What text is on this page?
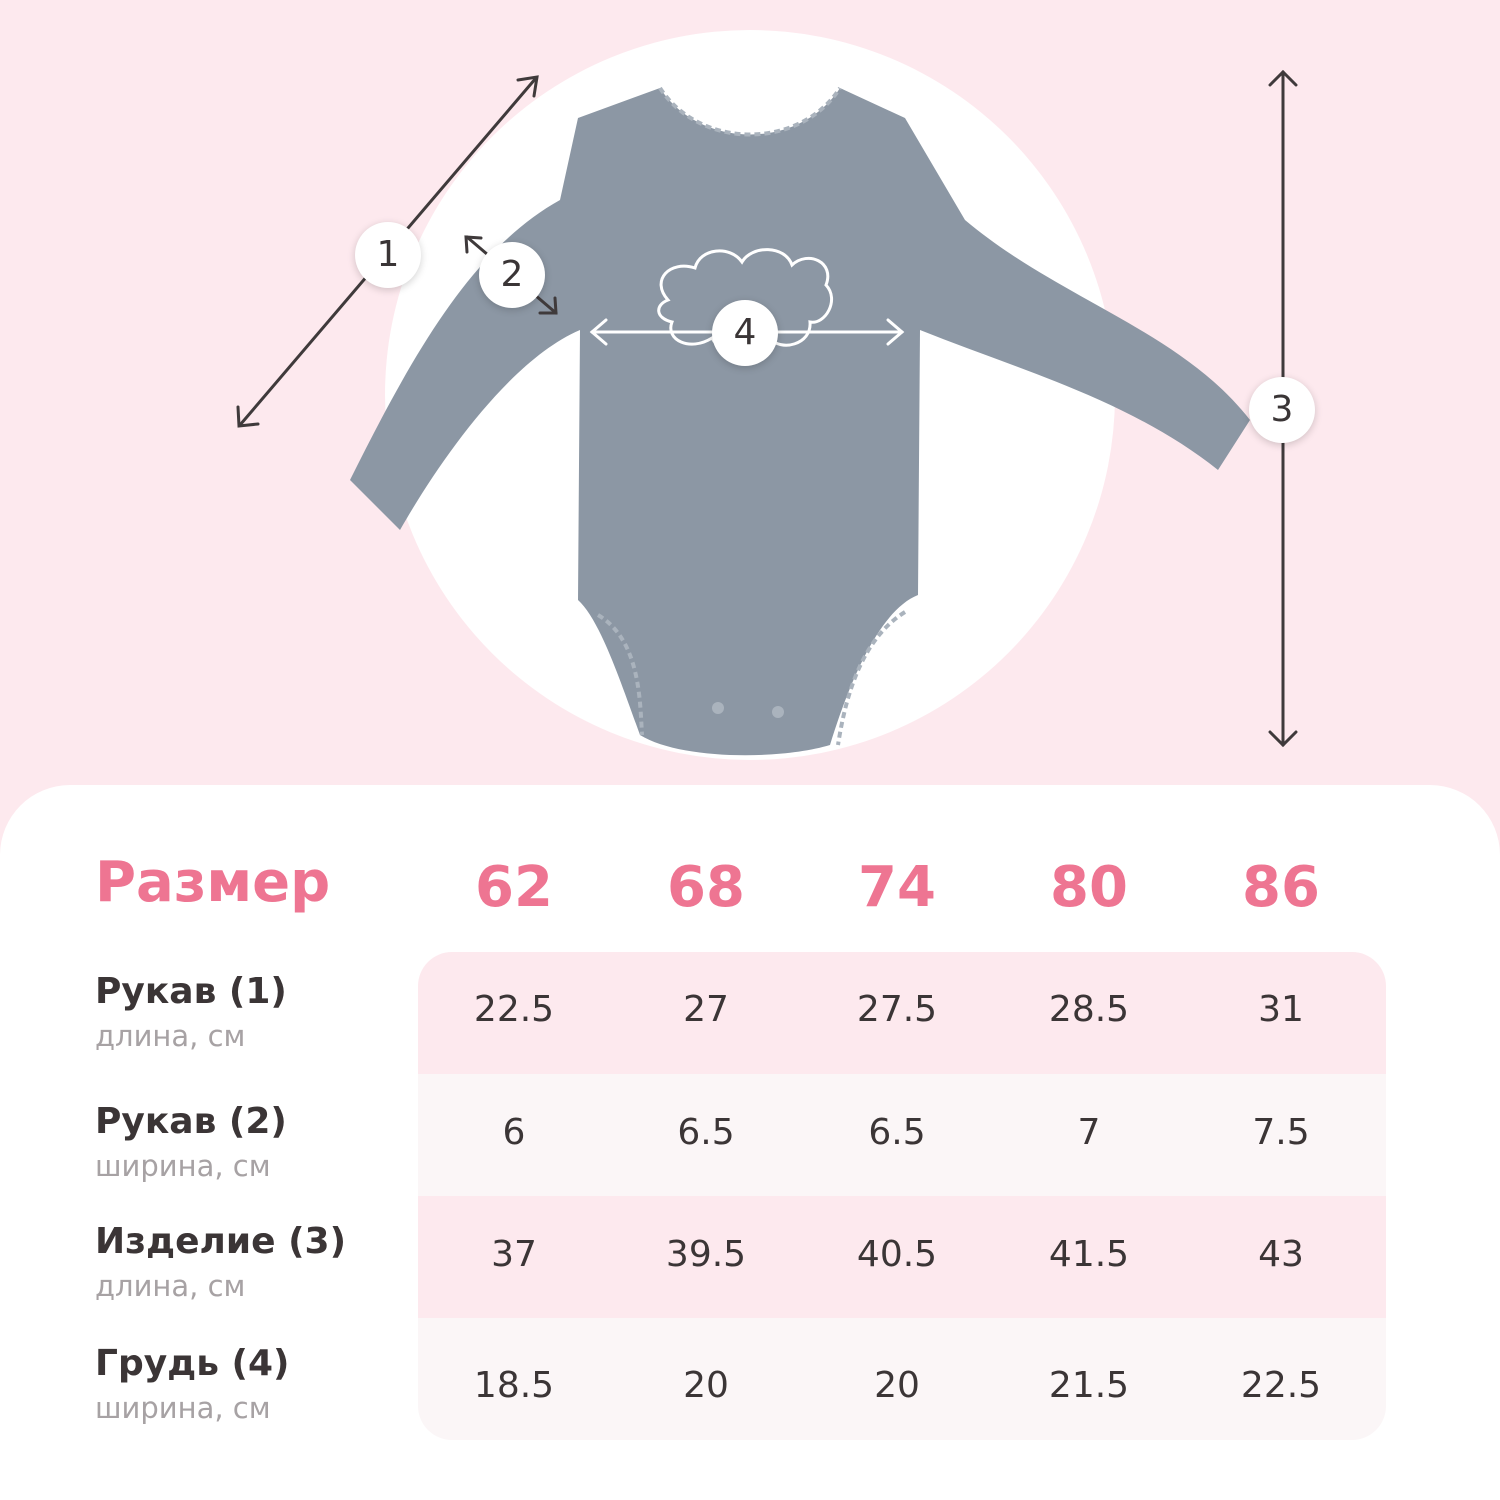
1	2
3
4
Размер	62	68	74	80	86
Рукав (1)
длина, см
22.5	27	27.5	28.5	31
Рукав (2)
ширина, см
6	6.5	6.5	7	7.5
Изделие (3)
длина, см
37	39.5	40.5	41.5	43
Грудь (4)
ширина, см
18.5	20	20	21.5	22.5
